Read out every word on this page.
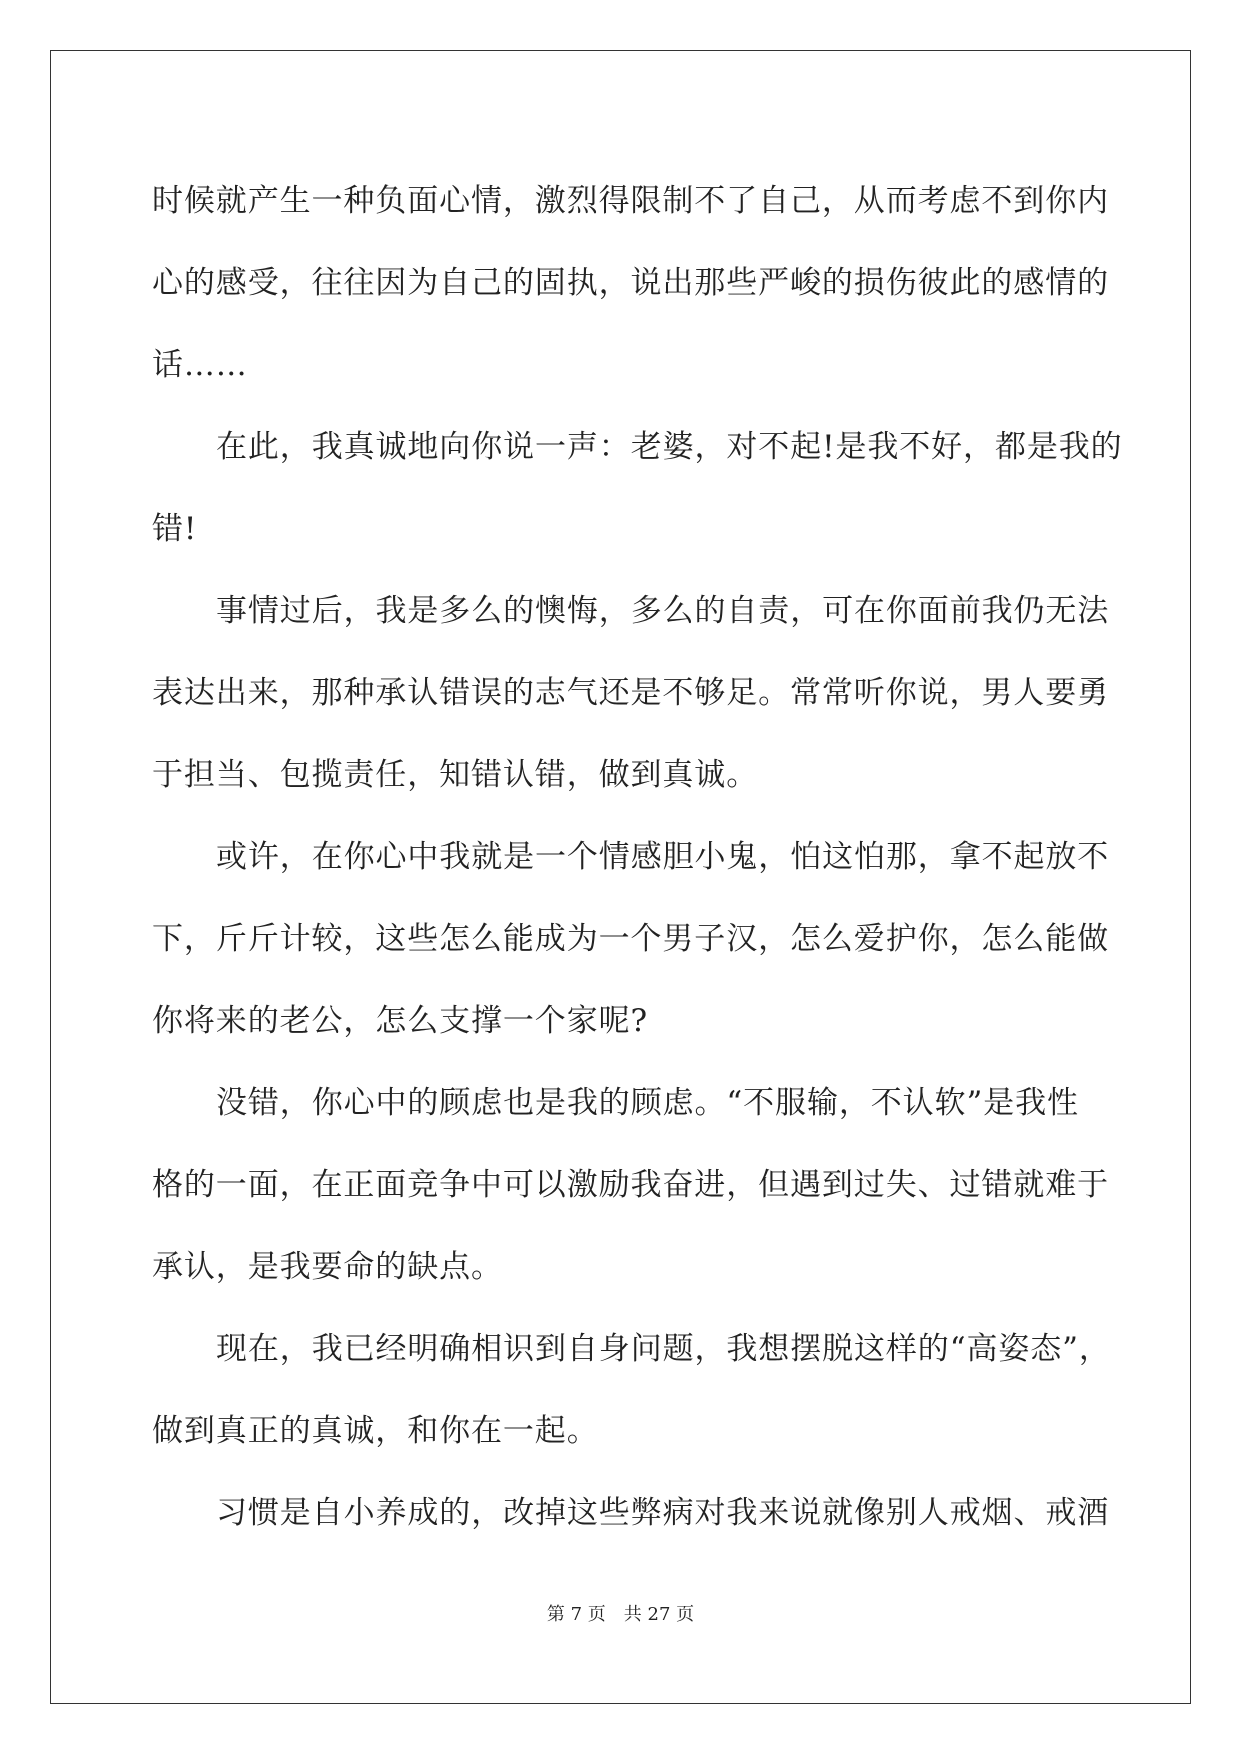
时候就产生一种负面心情，激烈得限制不了自己，从而考虑不到你内
心的感受，往往因为自己的固执，说出那些严峻的损伤彼此的感情的
话……
在此，我真诚地向你说一声：老婆，对不起!是我不好，都是我的
错!
事情过后，我是多么的懊悔，多么的自责，可在你面前我仍无法
表达出来，那种承认错误的志气还是不够足。常常听你说，男人要勇
于担当、包揽责任，知错认错，做到真诚。
或许，在你心中我就是一个情感胆小鬼，怕这怕那，拿不起放不
下，斤斤计较，这些怎么能成为一个男子汉，怎么爱护你，怎么能做
你将来的老公，怎么支撑一个家呢?
没错，你心中的顾虑也是我的顾虑。“不服输，不认软”是我性
格的一面，在正面竞争中可以激励我奋进，但遇到过失、过错就难于
承认，是我要命的缺点。
现在，我已经明确相识到自身问题，我想摆脱这样的“高姿态”，
做到真正的真诚，和你在一起。
习惯是自小养成的，改掉这些弊病对我来说就像别人戒烟、戒酒
第 7 页 共 27 页
